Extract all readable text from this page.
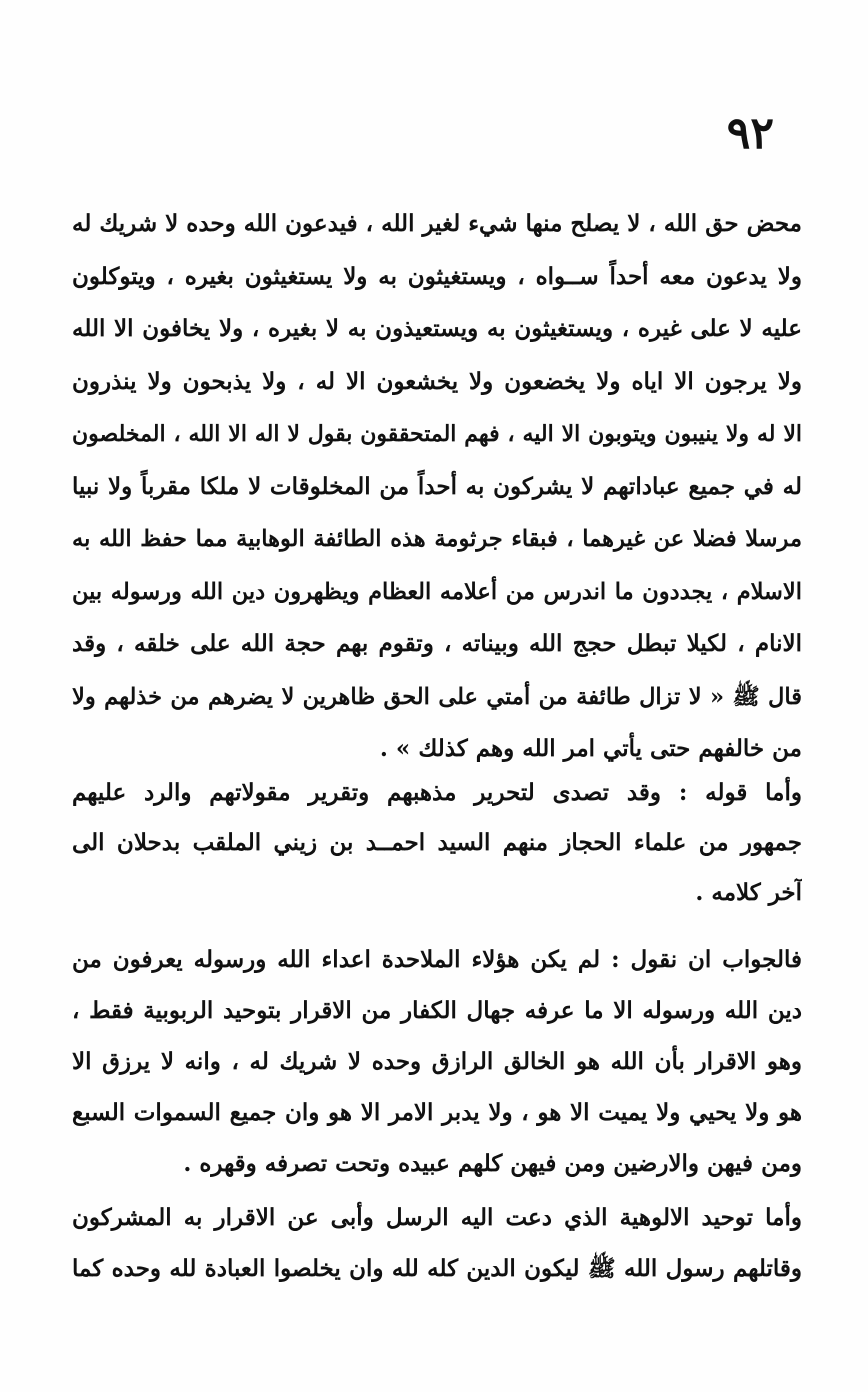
٩٢
محض حق الله ، لا يصلح منها شيء لغير الله ، فيدعون الله وحده لا شريك له
ولا يدعون معه أحداً ســواه ، ويستغيثون به ولا يستغيثون بغيره ، ويتوكلون
عليه لا على غيره ، ويستغيثون به ويستعيذون به لا بغيره ، ولا يخافون الا الله
ولا يرجون الا اياه ولا يخضعون ولا يخشعون الا له ، ولا يذبحون ولا ينذرون
الا له ولا ينيبون ويتوبون الا اليه ، فهم المتحققون بقول لا اله الا الله ، المخلصون
له في جميع عباداتهم لا يشركون به أحداً من المخلوقات لا ملكا مقرباً ولا نبيا
مرسلا فضلا عن غيرهما ، فبقاء جرثومة هذه الطائفة الوهابية مما حفظ الله به
الاسلام ، يجددون ما اندرس من أعلامه العظام ويظهرون دين الله ورسوله بين
الانام ، لكيلا تبطل حجج الله وبيناته ، وتقوم بهم حجة الله على خلقه ، وقد
قال ﷺ « لا تزال طائفة من أمتي على الحق ظاهرين لا يضرهم من خذلهم ولا
من خالفهم حتى يأتي امر الله وهم كذلك » .
وأما قوله : وقد تصدى لتحرير مذهبهم وتقرير مقولاتهم والرد عليهم
جمهور من علماء الحجاز منهم السيد احمــد بن زيني الملقب بدحلان الى
آخر كلامه .
فالجواب ان نقول : لم يكن هؤلاء الملاحدة اعداء الله ورسوله يعرفون من
دين الله ورسوله الا ما عرفه جهال الكفار من الاقرار بتوحيد الربوبية فقط ،
وهو الاقرار بأن الله هو الخالق الرازق وحده لا شريك له ، وانه لا يرزق الا
هو ولا يحيي ولا يميت الا هو ، ولا يدبر الامر الا هو وان جميع السموات السبع
ومن فيهن والارضين ومن فيهن كلهم عبيده وتحت تصرفه وقهره .
وأما توحيد الالوهية الذي دعت اليه الرسل وأبى عن الاقرار به المشركون
وقاتلهم رسول الله ﷺ ليكون الدين كله لله وان يخلصوا العبادة لله وحده كما
